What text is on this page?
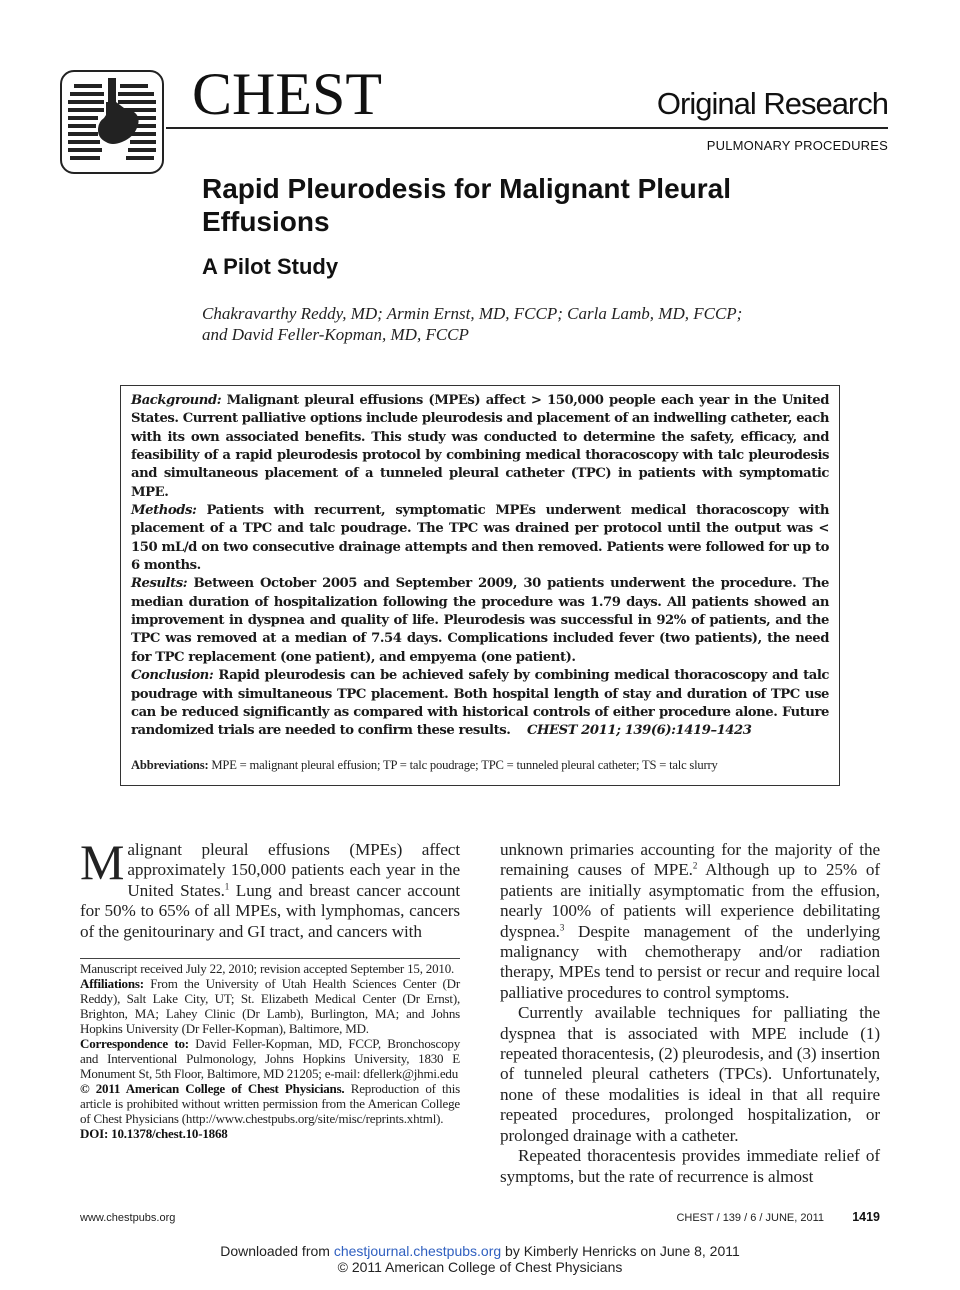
CHEST	Original Research
PULMONARY PROCEDURES
Rapid Pleurodesis for Malignant Pleural Effusions
A Pilot Study
Chakravarthy Reddy, MD; Armin Ernst, MD, FCCP; Carla Lamb, MD, FCCP;
and David Feller-Kopman, MD, FCCP

Background: Malignant pleural effusions (MPEs) affect > 150,000 people each year in the United States. Current palliative options include pleurodesis and placement of an indwelling catheter, each with its own associated benefits. This study was conducted to determine the safety, efficacy, and feasibility of a rapid pleurodesis protocol by combining medical thoracoscopy with talc pleurodesis and simultaneous placement of a tunneled pleural catheter (TPC) in patients with symptomatic MPE.

Methods: Patients with recurrent, symptomatic MPEs underwent medical thoracoscopy with placement of a TPC and talc poudrage. The TPC was drained per protocol until the output was < 150 mL/d on two consecutive drainage attempts and then removed. Patients were followed for up to 6 months.

Results: Between October 2005 and September 2009, 30 patients underwent the procedure. The median duration of hospitalization following the procedure was 1.79 days. All patients showed an improvement in dyspnea and quality of life. Pleurodesis was successful in 92% of patients, and the TPC was removed at a median of 7.54 days. Complications included fever (two patients), the need for TPC replacement (one patient), and empyema (one patient).

Conclusion: Rapid pleurodesis can be achieved safely by combining medical thoracoscopy and talc poudrage with simultaneous TPC placement. Both hospital length of stay and duration of TPC use can be reduced significantly as compared with historical controls of either procedure alone. Future randomized trials are needed to confirm these results. CHEST 2011; 139(6):1419–1423

Abbreviations: MPE = malignant pleural effusion; TP = talc poudrage; TPC = tunneled pleural catheter; TS = talc slurry

Malignant pleural effusions (MPEs) affect approximately 150,000 patients each year in the United States.$^1$ Lung and breast cancer account for 50% to 65% of all MPEs, with lymphomas, cancers of the genitourinary and GI tract, and cancers with

Manuscript received July 22, 2010; revision accepted September 15, 2010.

Affiliations: From the University of Utah Health Sciences Center (Dr Reddy), Salt Lake City, UT; St. Elizabeth Medical Center (Dr Ernst), Brighton, MA; Lahey Clinic (Dr Lamb), Burlington, MA; and Johns Hopkins University (Dr Feller-Kopman), Baltimore, MD.

Correspondence to: David Feller-Kopman, MD, FCCP, Bronchoscopy and Interventional Pulmonology, Johns Hopkins University, 1830 E Monument St, 5th Floor, Baltimore, MD 21205; e-mail: dfellerk@jhmi.edu

© 2011 American College of Chest Physicians. Reproduction of this article is prohibited without written permission from the American College of Chest Physicians (http://www.chestpubs.org/site/misc/reprints.xhtml).

DOI: 10.1378/chest.10-1868

unknown primaries accounting for the majority of the remaining causes of MPE.$^2$ Although up to 25% of patients are initially asymptomatic from the effusion, nearly 100% of patients will experience debilitating dyspnea.$^3$ Despite management of the underlying malignancy with chemotherapy and/or radiation therapy, MPEs tend to persist or recur and require local palliative procedures to control symptoms.

Currently available techniques for palliating the dyspnea that is associated with MPE include (1) repeated thoracentesis, (2) pleurodesis, and (3) insertion of tunneled pleural catheters (TPCs). Unfortunately, none of these modalities is ideal in that all require repeated procedures, prolonged hospitalization, or prolonged drainage with a catheter.

Repeated thoracentesis provides immediate relief of symptoms, but the rate of recurrence is almost

www.chestpubs.org	CHEST / 139 / 6 / JUNE, 2011 1419
Downloaded from chestjournal.chestpubs.org by Kimberly Henricks on June 8, 2011
© 2011 American College of Chest Physicians
